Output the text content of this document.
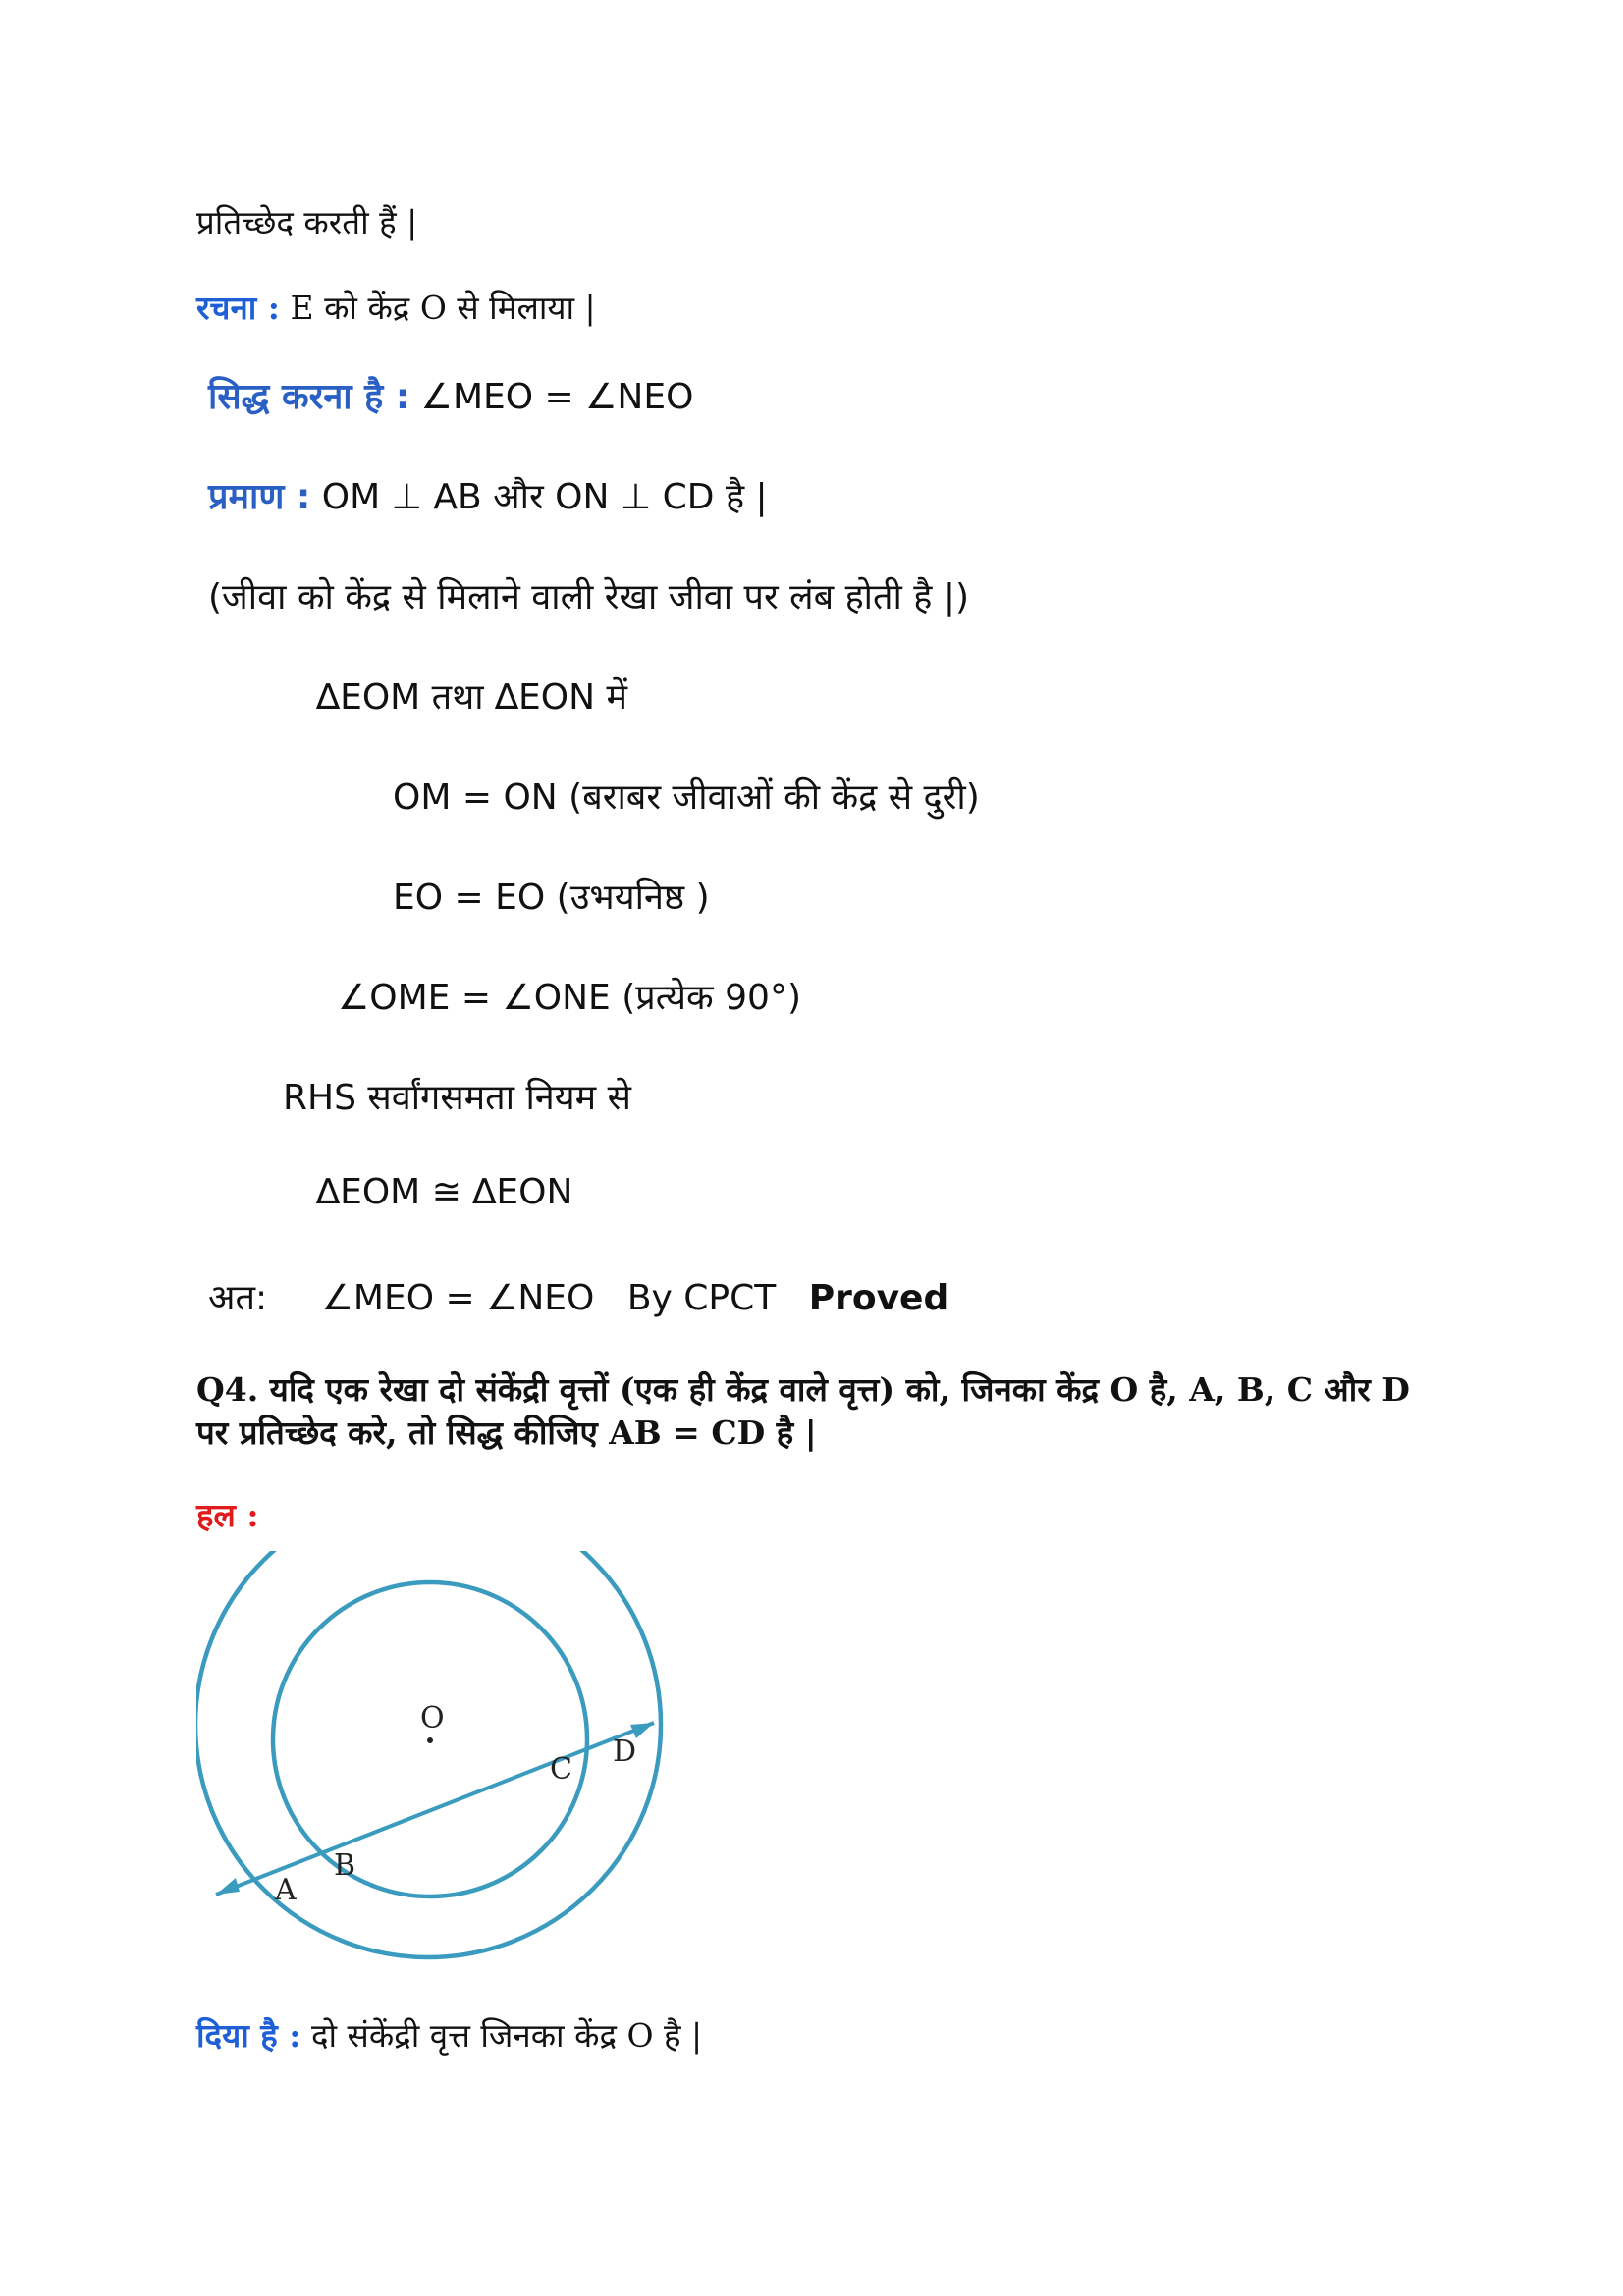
प्रतिच्छेद करती हैं |
रचना : E को केंद्र O से मिलाया |
सिद्ध करना है : ∠MEO = ∠NEO
प्रमाण : OM ⊥ AB और ON ⊥ CD है |
(जीवा को केंद्र से मिलाने वाली रेखा जीवा पर लंब होती है |)
∆EOM तथा ∆EON में
OM = ON (बराबर जीवाओं की केंद्र से दुरी)
EO = EO (उभयनिष्ठ )
∠OME = ∠ONE (प्रत्येक 90°)
RHS सर्वांगसमता नियम से
∆EOM ≅ ∆EON
अत: ∠MEO = ∠NEO By CPCT Proved
Q4. यदि एक रेखा दो संकेंद्री वृत्तों (एक ही केंद्र वाले वृत्त) को, जिनका केंद्र O है, A, B, C और D
पर प्रतिच्छेद करे, तो सिद्ध कीजिए AB = CD है |
हल :
O
A
B
C
D
दिया है : दो संकेंद्री वृत्त जिनका केंद्र O है |
